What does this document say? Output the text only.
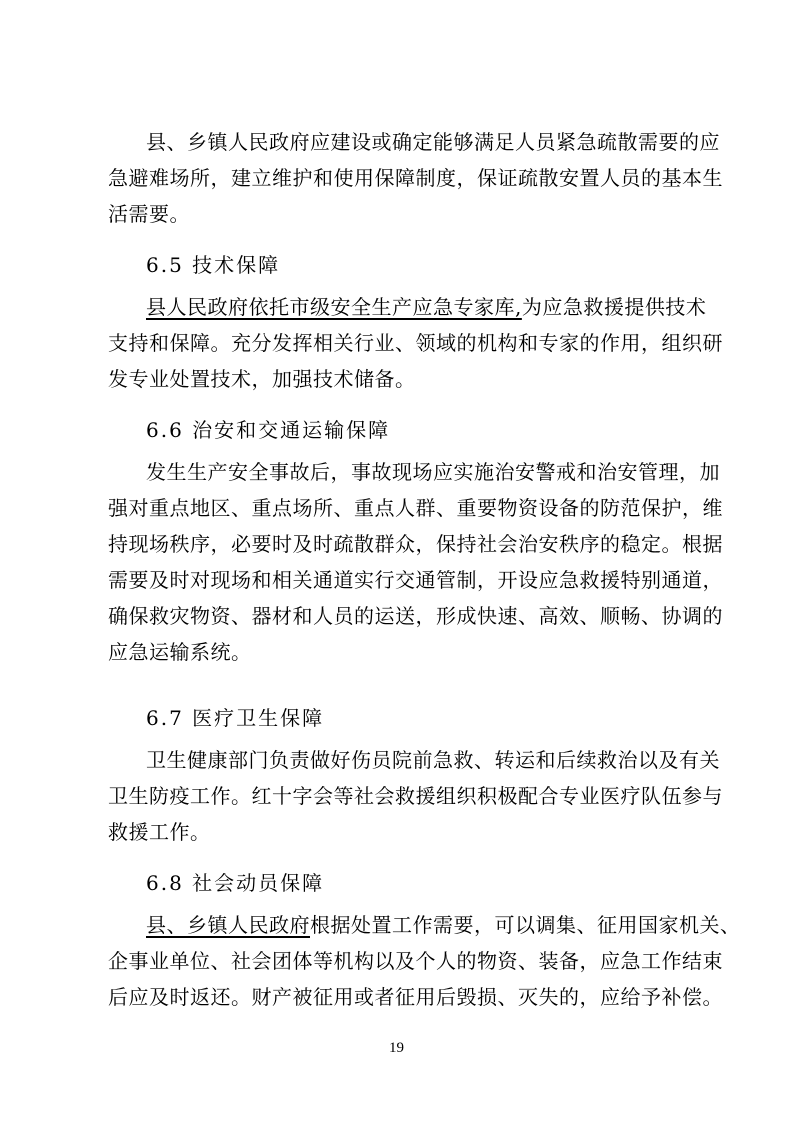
县、乡镇人民政府应建设或确定能够满足人员紧急疏散需要的应
急避难场所，建立维护和使用保障制度，保证疏散安置人员的基本生
活需要。
6.5 技术保障
县人民政府依托市级安全生产应急专家库,为应急救援提供技术
支持和保障。充分发挥相关行业、领域的机构和专家的作用，组织研
发专业处置技术，加强技术储备。
6.6 治安和交通运输保障
发生生产安全事故后，事故现场应实施治安警戒和治安管理，加
强对重点地区、重点场所、重点人群、重要物资设备的防范保护，维
持现场秩序，必要时及时疏散群众，保持社会治安秩序的稳定。根据
需要及时对现场和相关通道实行交通管制，开设应急救援特别通道，
确保救灾物资、器材和人员的运送，形成快速、高效、顺畅、协调的
应急运输系统。
6.7 医疗卫生保障
卫生健康部门负责做好伤员院前急救、转运和后续救治以及有关
卫生防疫工作。红十字会等社会救援组织积极配合专业医疗队伍参与
救援工作。
6.8 社会动员保障
县、乡镇人民政府根据处置工作需要，可以调集、征用国家机关、
企事业单位、社会团体等机构以及个人的物资、装备，应急工作结束
后应及时返还。财产被征用或者征用后毁损、灭失的，应给予补偿。
19
